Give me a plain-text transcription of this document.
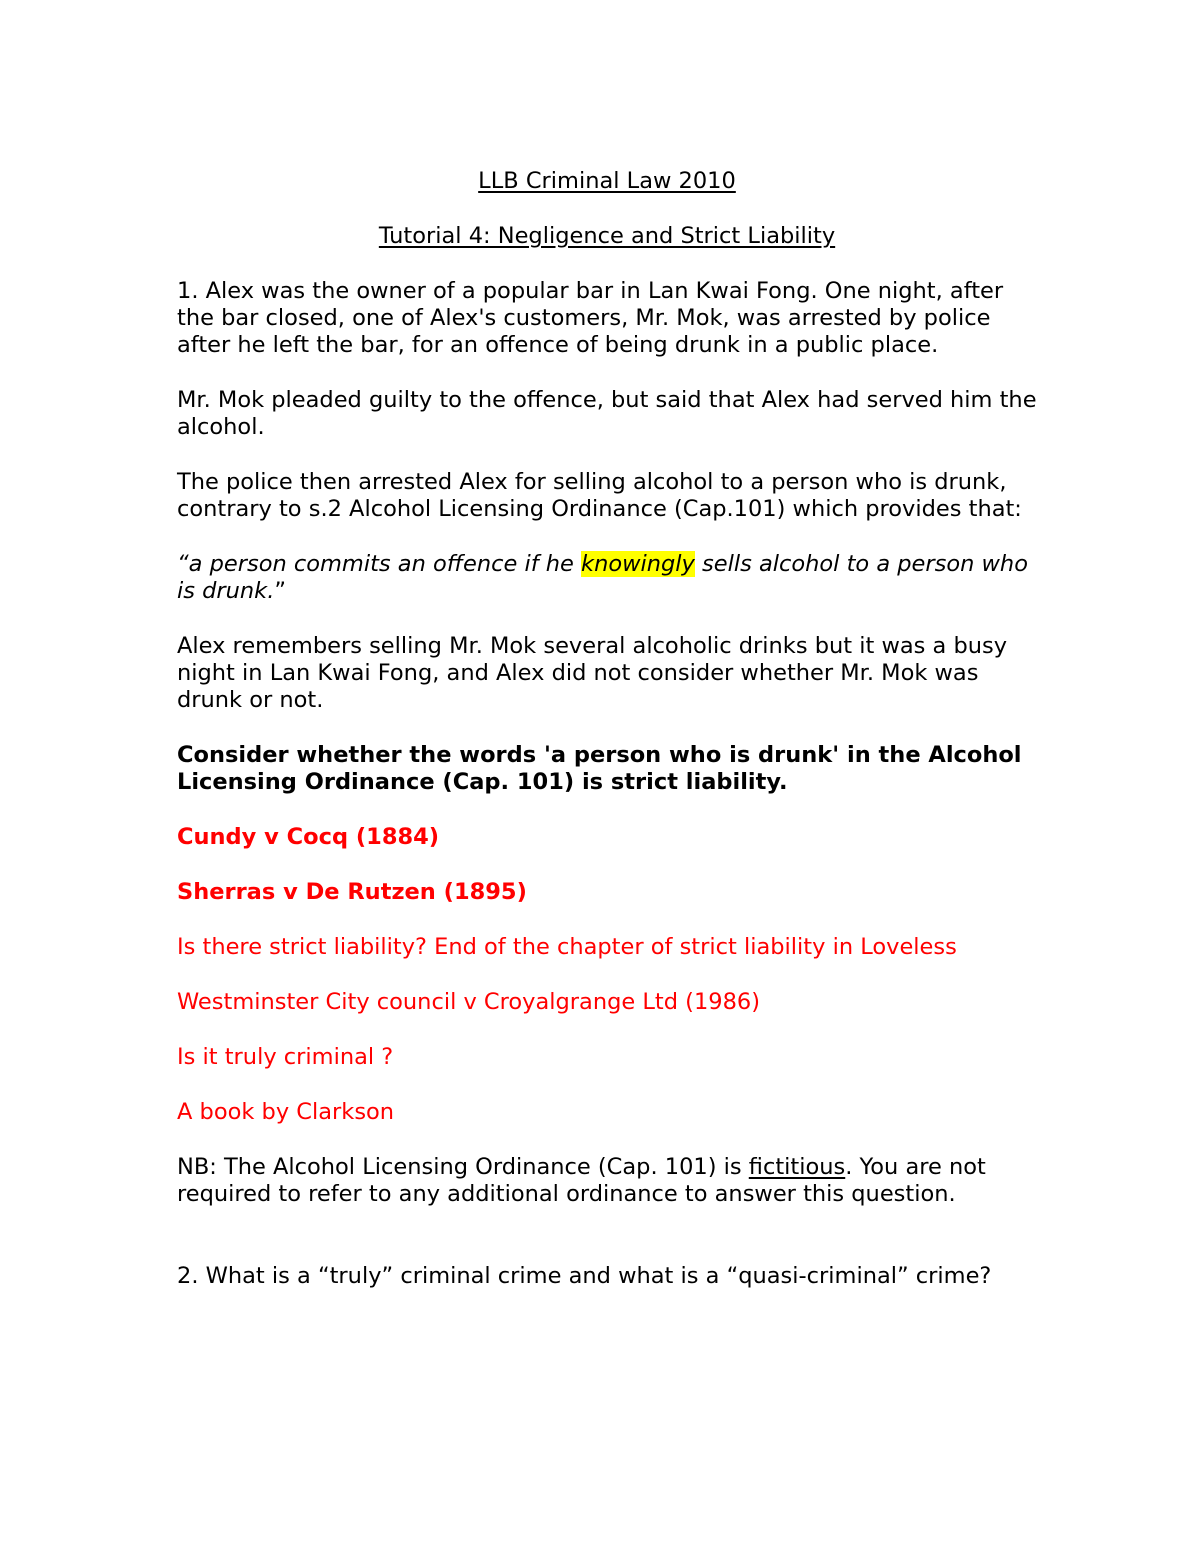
LLB Criminal Law 2010

Tutorial 4: Negligence and Strict Liability

1. Alex was the owner of a popular bar in Lan Kwai Fong. One night, after the bar closed, one of Alex's customers, Mr. Mok, was arrested by police after he left the bar, for an offence of being drunk in a public place.

Mr. Mok pleaded guilty to the offence, but said that Alex had served him the alcohol.

The police then arrested Alex for selling alcohol to a person who is drunk, contrary to s.2 Alcohol Licensing Ordinance (Cap.101) which provides that:

“a person commits an offence if he knowingly sells alcohol to a person who is drunk.”

Alex remembers selling Mr. Mok several alcoholic drinks but it was a busy night in Lan Kwai Fong, and Alex did not consider whether Mr. Mok was drunk or not.

Consider whether the words 'a person who is drunk' in the Alcohol Licensing Ordinance (Cap. 101) is strict liability.

Cundy v Cocq (1884)

Sherras v De Rutzen (1895)

Is there strict liability? End of the chapter of strict liability in Loveless

Westminster City council v Croyalgrange Ltd (1986)

Is it truly criminal ?

A book by Clarkson

NB: The Alcohol Licensing Ordinance (Cap. 101) is fictitious. You are not required to refer to any additional ordinance to answer this question.

2. What is a “truly” criminal crime and what is a “quasi-criminal” crime?
